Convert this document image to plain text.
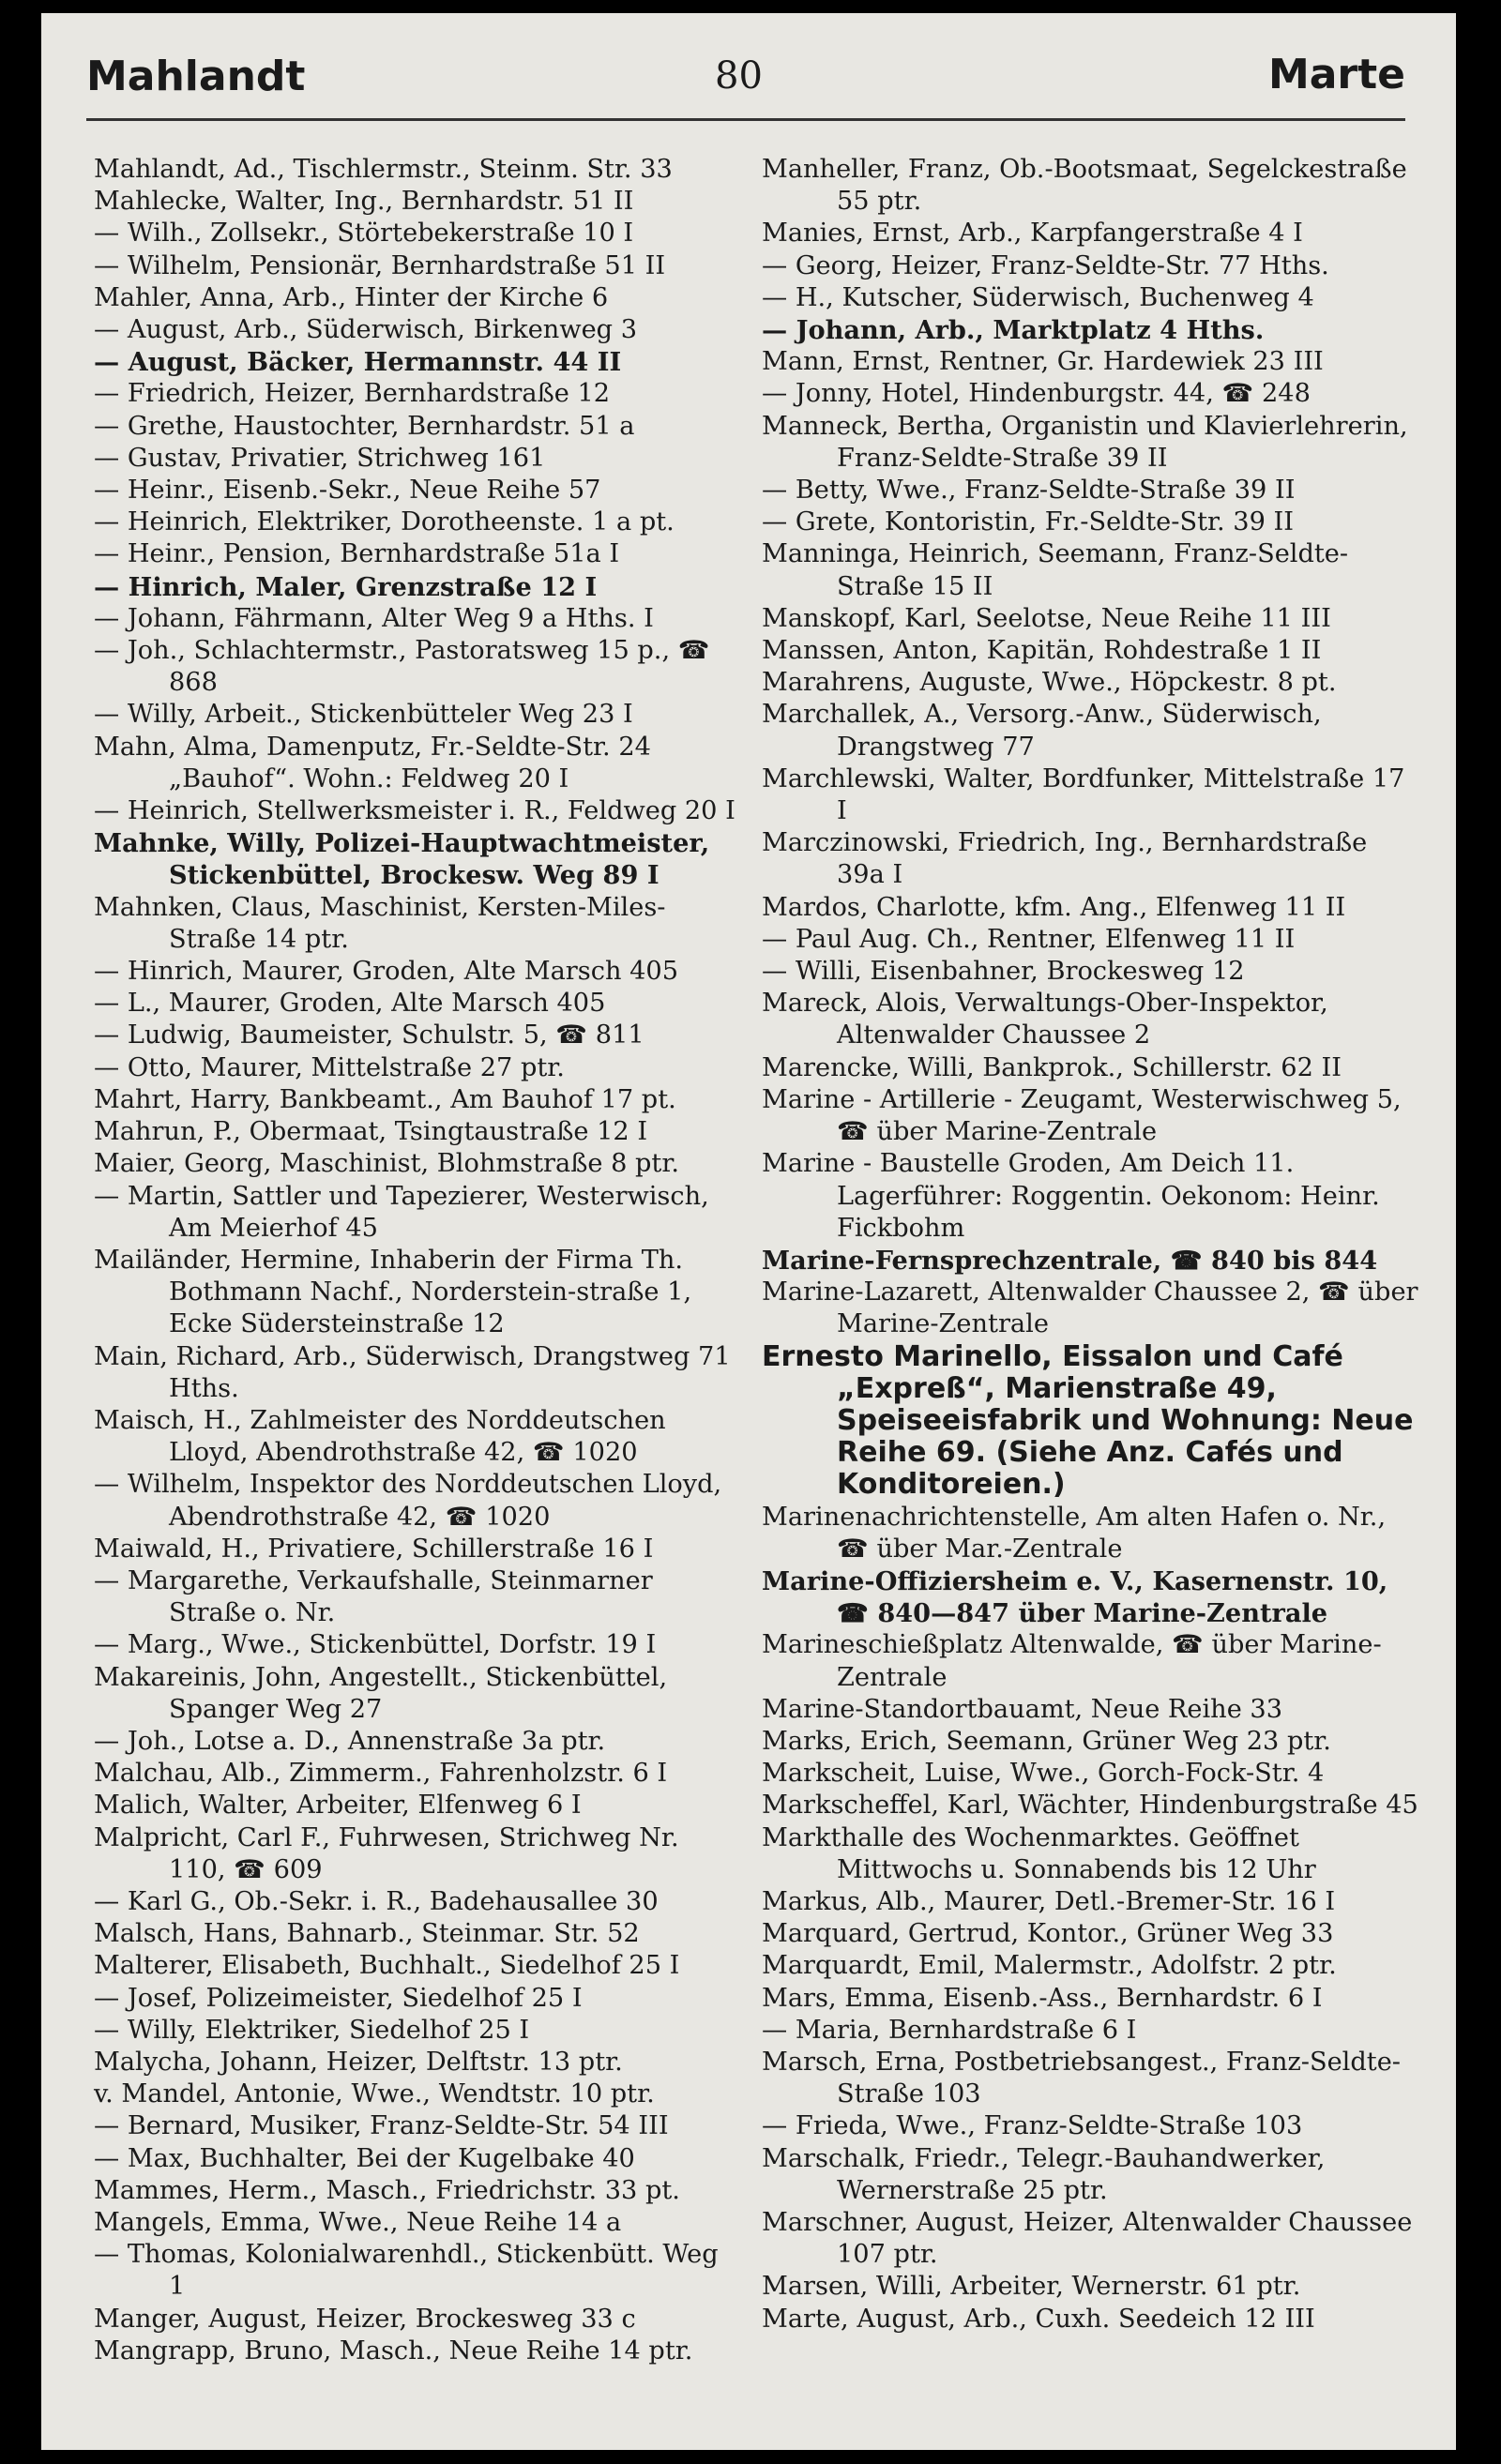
Mahlandt	80	Marte

Mahlandt, Ad., Tischlermstr., Steinm. Str. 33

Mahlecke, Walter, Ing., Bernhardstr. 51 II

— Wilh., Zollsekr., Störtebekerstraße 10 I

— Wilhelm, Pensionär, Bernhardstraße 51 II

Mahler, Anna, Arb., Hinter der Kirche 6

— August, Arb., Süderwisch, Birkenweg 3

— August, Bäcker, Hermannstr. 44 II

— Friedrich, Heizer, Bernhardstraße 12

— Grethe, Haustochter, Bernhardstr. 51 a

— Gustav, Privatier, Strichweg 161

— Heinr., Eisenb.-Sekr., Neue Reihe 57

— Heinrich, Elektriker, Dorotheenste. 1 a pt.

— Heinr., Pension, Bernhardstraße 51a I

— Hinrich, Maler, Grenzstraße 12 I

— Johann, Fährmann, Alter Weg 9 a Hths. I

— Joh., Schlachtermstr., Pastoratsweg 15 p., ☎ 868

— Willy, Arbeit., Stickenbütteler Weg 23 I

Mahn, Alma, Damenputz, Fr.-Seldte-Str. 24 „Bauhof“. Wohn.: Feldweg 20 I

— Heinrich, Stellwerksmeister i. R., Feldweg 20 I

Mahnke, Willy, Polizei-Hauptwachtmeister, Stickenbüttel, Brockesw. Weg 89 I

Mahnken, Claus, Maschinist, Kersten-Miles-Straße 14 ptr.

— Hinrich, Maurer, Groden, Alte Marsch 405

— L., Maurer, Groden, Alte Marsch 405

— Ludwig, Baumeister, Schulstr. 5, ☎ 811

— Otto, Maurer, Mittelstraße 27 ptr.

Mahrt, Harry, Bankbeamt., Am Bauhof 17 pt.

Mahrun, P., Obermaat, Tsingtaustraße 12 I

Maier, Georg, Maschinist, Blohmstraße 8 ptr.

— Martin, Sattler und Tapezierer, Westerwisch, Am Meierhof 45

Mailänder, Hermine, Inhaberin der Firma Th. Bothmann Nachf., Norderstein-straße 1, Ecke Südersteinstraße 12

Main, Richard, Arb., Süderwisch, Drangstweg 71 Hths.

Maisch, H., Zahlmeister des Norddeutschen Lloyd, Abendrothstraße 42, ☎ 1020

— Wilhelm, Inspektor des Norddeutschen Lloyd, Abendrothstraße 42, ☎ 1020

Maiwald, H., Privatiere, Schillerstraße 16 I

— Margarethe, Verkaufshalle, Steinmarner Straße o. Nr.

— Marg., Wwe., Stickenbüttel, Dorfstr. 19 I

Makareinis, John, Angestellt., Stickenbüttel, Spanger Weg 27

— Joh., Lotse a. D., Annenstraße 3a ptr.

Malchau, Alb., Zimmerm., Fahrenholzstr. 6 I

Malich, Walter, Arbeiter, Elfenweg 6 I

Malpricht, Carl F., Fuhrwesen, Strichweg Nr. 110, ☎ 609

— Karl G., Ob.-Sekr. i. R., Badehausallee 30

Malsch, Hans, Bahnarb., Steinmar. Str. 52

Malterer, Elisabeth, Buchhalt., Siedelhof 25 I

— Josef, Polizeimeister, Siedelhof 25 I

— Willy, Elektriker, Siedelhof 25 I

Malycha, Johann, Heizer, Delftstr. 13 ptr.

v. Mandel, Antonie, Wwe., Wendtstr. 10 ptr.

— Bernard, Musiker, Franz-Seldte-Str. 54 III

— Max, Buchhalter, Bei der Kugelbake 40

Mammes, Herm., Masch., Friedrichstr. 33 pt.

Mangels, Emma, Wwe., Neue Reihe 14 a

— Thomas, Kolonialwarenhdl., Stickenbütt. Weg 1

Manger, August, Heizer, Brockesweg 33 c

Mangrapp, Bruno, Masch., Neue Reihe 14 ptr.

Manheller, Franz, Ob.-Bootsmaat, Segelckestraße 55 ptr.

Manies, Ernst, Arb., Karpfangerstraße 4 I

— Georg, Heizer, Franz-Seldte-Str. 77 Hths.

— H., Kutscher, Süderwisch, Buchenweg 4

— Johann, Arb., Marktplatz 4 Hths.

Mann, Ernst, Rentner, Gr. Hardewiek 23 III

— Jonny, Hotel, Hindenburgstr. 44, ☎ 248

Manneck, Bertha, Organistin und Klavierlehrerin, Franz-Seldte-Straße 39 II

— Betty, Wwe., Franz-Seldte-Straße 39 II

— Grete, Kontoristin, Fr.-Seldte-Str. 39 II

Manninga, Heinrich, Seemann, Franz-Seldte-Straße 15 II

Manskopf, Karl, Seelotse, Neue Reihe 11 III

Manssen, Anton, Kapitän, Rohdestraße 1 II

Marahrens, Auguste, Wwe., Höpckestr. 8 pt.

Marchallek, A., Versorg.-Anw., Süderwisch, Drangstweg 77

Marchlewski, Walter, Bordfunker, Mittelstraße 17 I

Marczinowski, Friedrich, Ing., Bernhardstraße 39a I

Mardos, Charlotte, kfm. Ang., Elfenweg 11 II

— Paul Aug. Ch., Rentner, Elfenweg 11 II

— Willi, Eisenbahner, Brockesweg 12

Mareck, Alois, Verwaltungs-Ober-Inspektor, Altenwalder Chaussee 2

Marencke, Willi, Bankprok., Schillerstr. 62 II

Marine - Artillerie - Zeugamt, Westerwischweg 5, ☎ über Marine-Zentrale

Marine - Baustelle Groden, Am Deich 11. Lagerführer: Roggentin. Oekonom: Heinr. Fickbohm

Marine-Fernsprechzentrale, ☎ 840 bis 844

Marine-Lazarett, Altenwalder Chaussee 2, ☎ über Marine-Zentrale

Ernesto Marinello, Eissalon und Café „Expreß“, Marienstraße 49, Speiseeisfabrik und Wohnung: Neue Reihe 69. (Siehe Anz. Cafés und Konditoreien.)

Marinenachrichtenstelle, Am alten Hafen o. Nr., ☎ über Mar.-Zentrale

Marine-Offiziersheim e. V., Kasernenstr. 10, ☎ 840—847 über Marine-Zentrale

Marineschießplatz Altenwalde, ☎ über Marine-Zentrale

Marine-Standortbauamt, Neue Reihe 33

Marks, Erich, Seemann, Grüner Weg 23 ptr.

Markscheit, Luise, Wwe., Gorch-Fock-Str. 4

Markscheffel, Karl, Wächter, Hindenburgstraße 45

Markthalle des Wochenmarktes. Geöffnet Mittwochs u. Sonnabends bis 12 Uhr

Markus, Alb., Maurer, Detl.-Bremer-Str. 16 I

Marquard, Gertrud, Kontor., Grüner Weg 33

Marquardt, Emil, Malermstr., Adolfstr. 2 ptr.

Mars, Emma, Eisenb.-Ass., Bernhardstr. 6 I

— Maria, Bernhardstraße 6 I

Marsch, Erna, Postbetriebsangest., Franz-Seldte-Straße 103

— Frieda, Wwe., Franz-Seldte-Straße 103

Marschalk, Friedr., Telegr.-Bauhandwerker, Wernerstraße 25 ptr.

Marschner, August, Heizer, Altenwalder Chaussee 107 ptr.

Marsen, Willi, Arbeiter, Wernerstr. 61 ptr.

Marte, August, Arb., Cuxh. Seedeich 12 III
